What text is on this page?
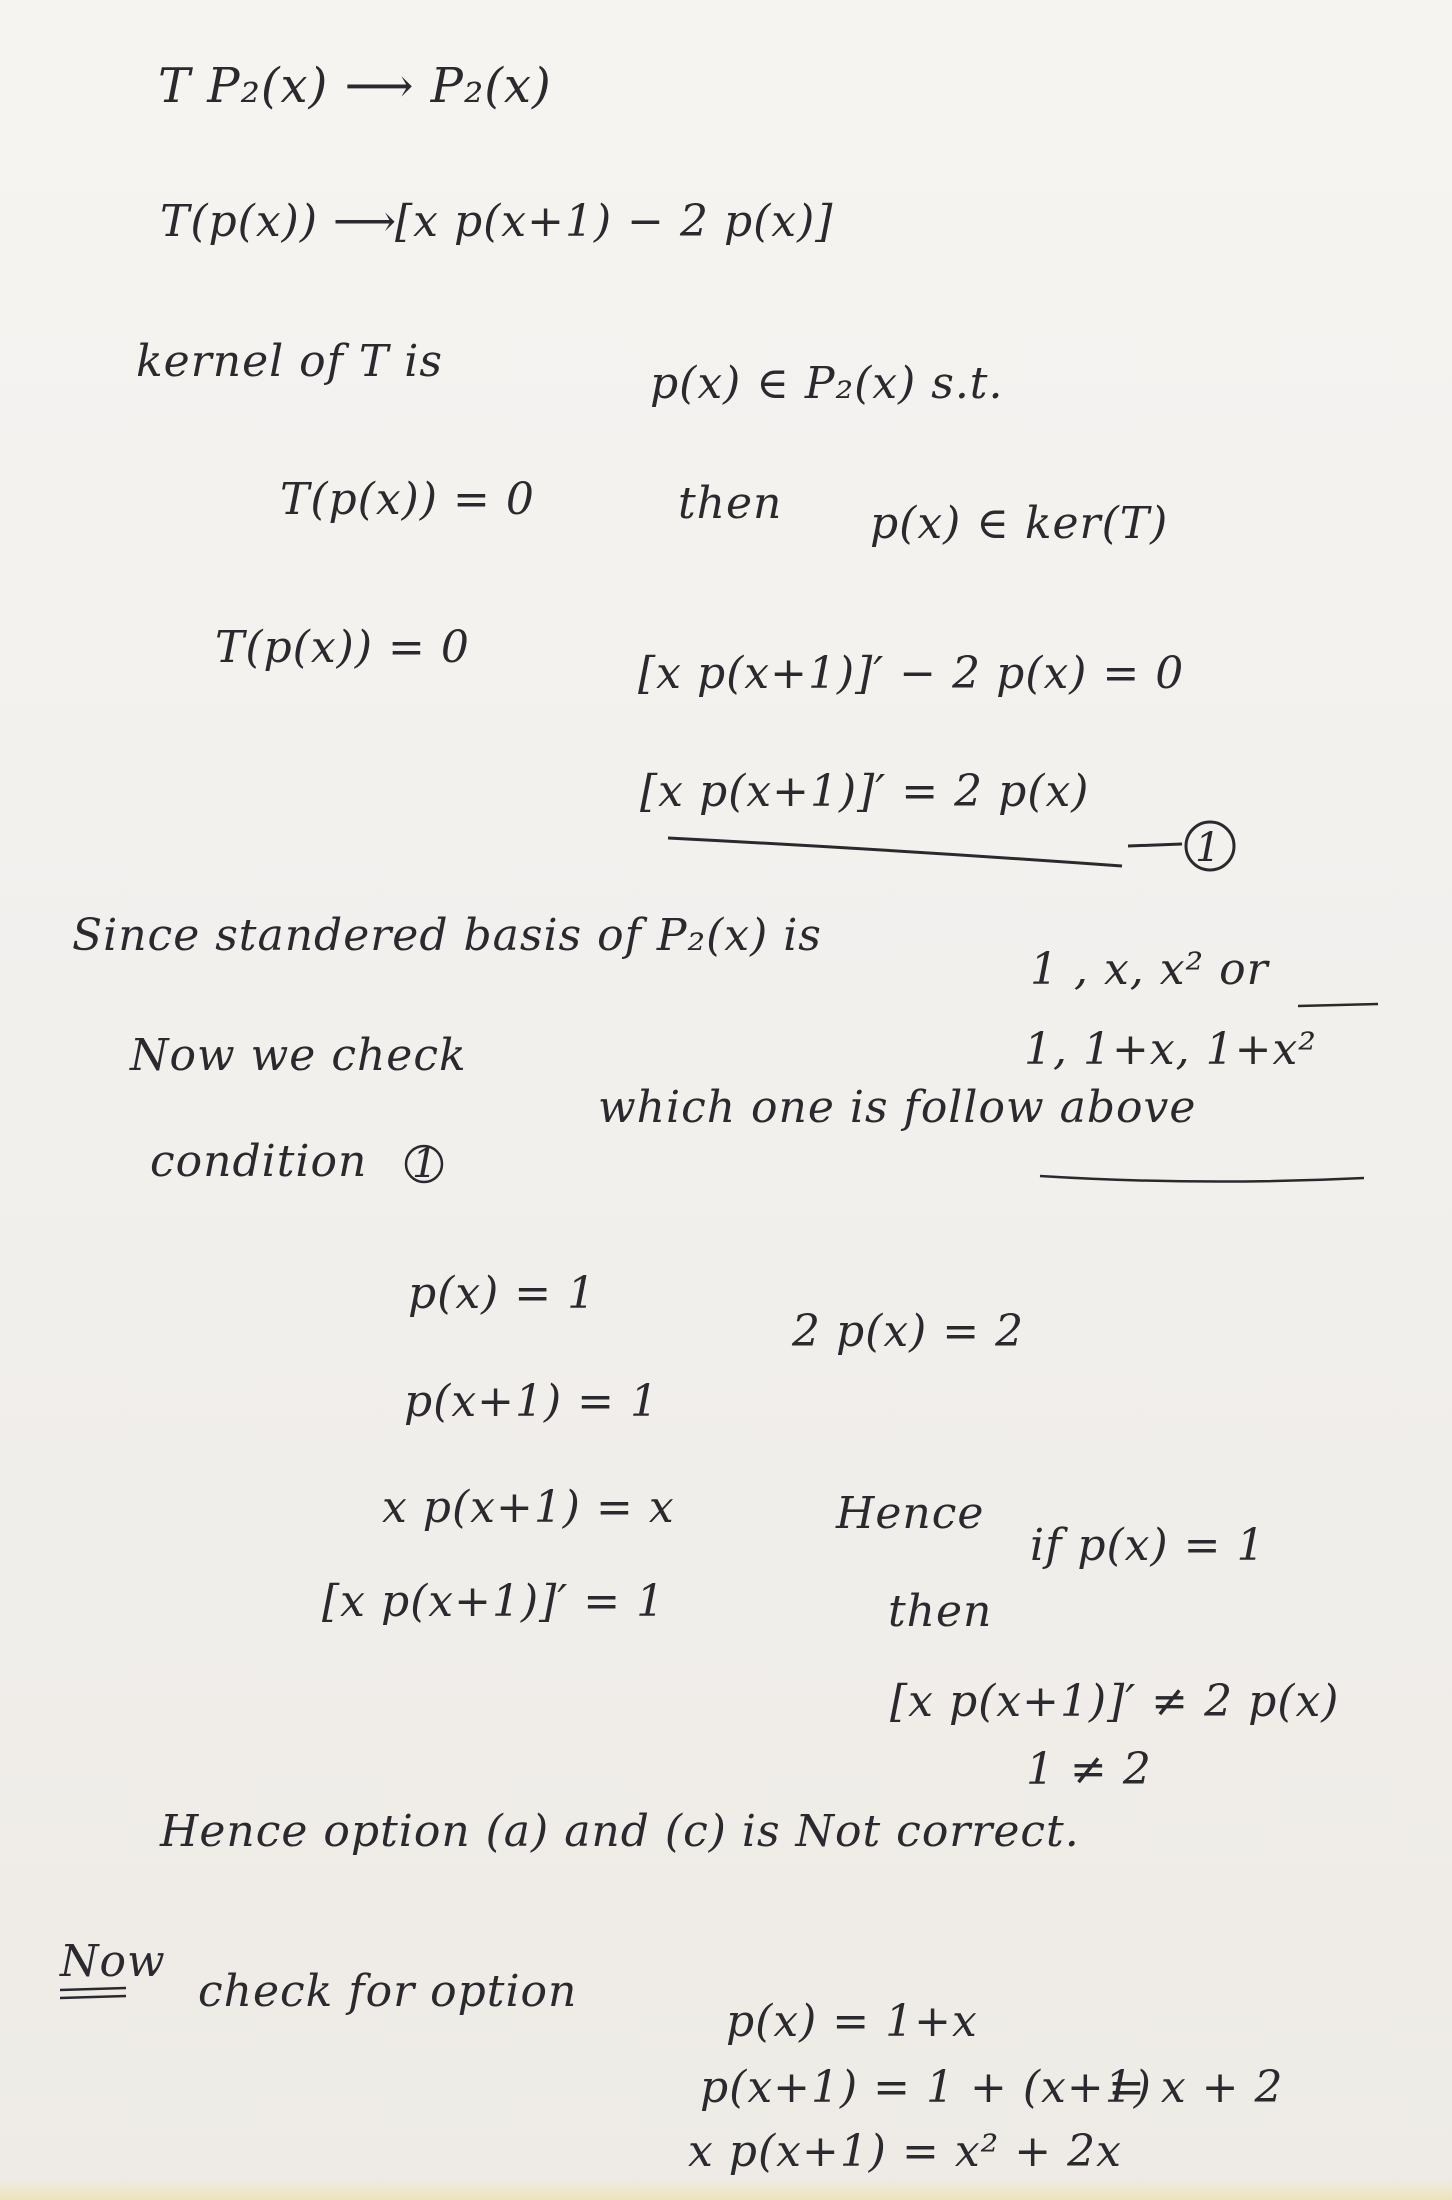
T P₂(x) ⟶ P₂(x)
T(p(x)) ⟶
[x p(x+1) − 2 p(x)]
kernel of T is	p(x) ∈ P₂(x) s.t.
T(p(x)) = 0	then p(x) ∈ ker(T)
T(p(x)) = 0
[x p(x+1)]′ − 2 p(x) = 0
[x p(x+1)]′ = 2 p(x)
1
Since standered basis of P₂(x) is
1 , x, x² or
Now we check	1, 1+x, 1+x²
which one is follow above
condition 1
p(x) = 1
2 p(x) = 2
p(x+1) = 1
x p(x+1) = x	Hence
if p(x) = 1
[x p(x+1)]′ = 1	then
[x p(x+1)]′ ≠ 2 p(x)
1 ≠ 2
Hence option (a) and (c) is Not correct.
Now
check for option
p(x) = 1+x
p(x+1) = 1 + (x+1)
= x + 2
x p(x+1) = x² + 2x
